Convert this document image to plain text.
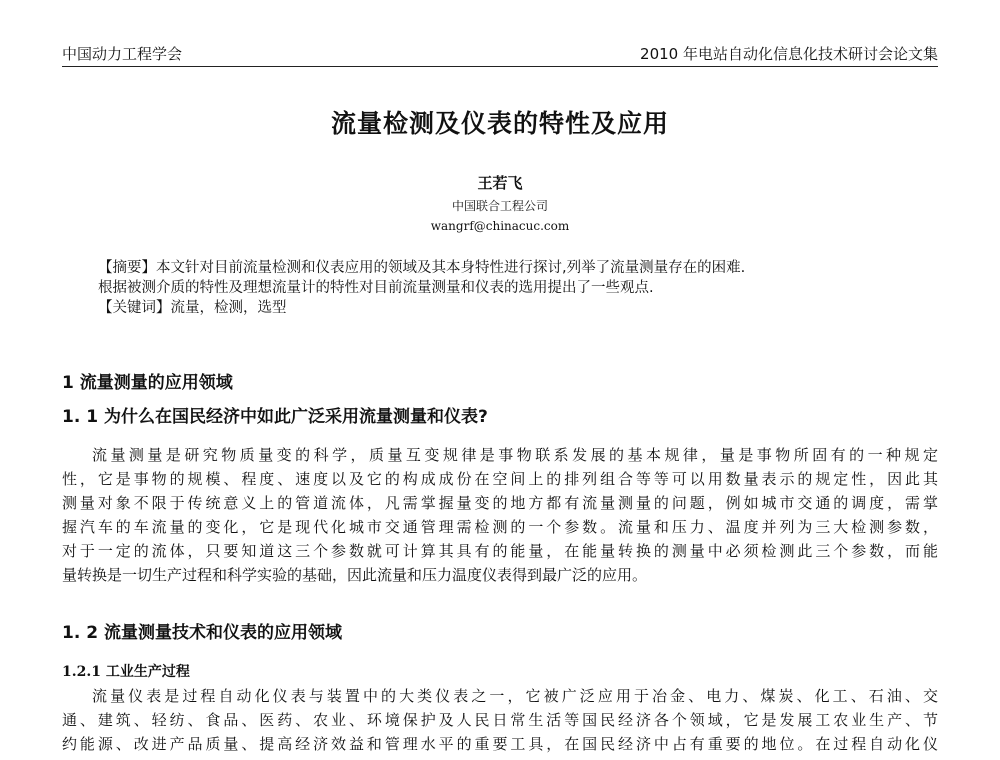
中国动力工程学会	2010 年电站自动化信息化技术研讨会论文集
流量检测及仪表的特性及应用
王若飞
中国联合工程公司
wangrf@chinacuc.com
【摘要】本文针对目前流量检测和仪表应用的领域及其本身特性进行探讨,列举了流量测量存在的困难.
根据被测介质的特性及理想流量计的特性对目前流量测量和仪表的选用提出了一些观点.
【关键词】流量，检测，选型
1 流量测量的应用领域
1. 1 为什么在国民经济中如此广泛采用流量测量和仪表?
流量测量是研究物质量变的科学，质量互变规律是事物联系发展的基本规律，量是事物所固有的一种规定
性，它是事物的规模、程度、速度以及它的构成成份在空间上的排列组合等等可以用数量表示的规定性，因此其
测量对象不限于传统意义上的管道流体，凡需掌握量变的地方都有流量测量的问题，例如城市交通的调度，需掌
握汽车的车流量的变化，它是现代化城市交通管理需检测的一个参数。流量和压力、温度并列为三大检测参数，
对于一定的流体，只要知道这三个参数就可计算其具有的能量，在能量转换的测量中必须检测此三个参数，而能
量转换是一切生产过程和科学实验的基础，因此流量和压力温度仪表得到最广泛的应用。
1. 2 流量测量技术和仪表的应用领域
1.2.1 工业生产过程
流量仪表是过程自动化仪表与装置中的大类仪表之一，它被广泛应用于冶金、电力、煤炭、化工、石油、交
通、建筑、轻纺、食品、医药、农业、环境保护及人民日常生活等国民经济各个领域，它是发展工农业生产、节
约能源、改进产品质量、提高经济效益和管理水平的重要工具，在国民经济中占有重要的地位。在过程自动化仪
